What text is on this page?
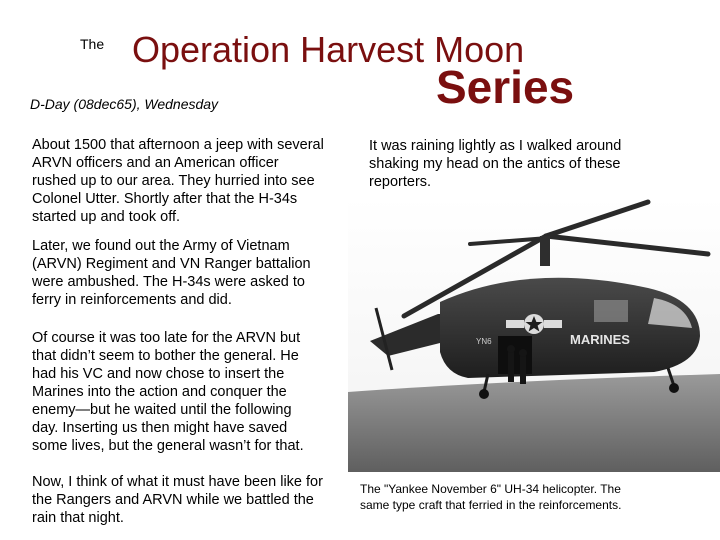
The Operation Harvest Moon
Series
D-Day (08dec65), Wednesday

About 1500 that afternoon a jeep with several
ARVN officers and an American officer
rushed up to our area. They hurried into see
Colonel Utter. Shortly after that the H-34s
started up and took off.

Later, we found out the Army of Vietnam
(ARVN) Regiment and VN Ranger battalion
were ambushed. The H-34s were asked to
ferry in reinforcements and did.

Of course it was too late for the ARVN but
that didn’t seem to bother the general. He
had his VC and now chose to insert the
Marines into the action and conquer the
enemy—but he waited until the following
day. Inserting us then might have saved
some lives, but the general wasn’t for that.

Now, I think of what it must have been like for
the Rangers and ARVN while we battled the
rain that night.

It was raining lightly as I walked around
shaking my head on the antics of these
reporters.

MARINES
YN6
The "Yankee November 6" UH-34 helicopter. The
same type craft that ferried in the reinforcements.
